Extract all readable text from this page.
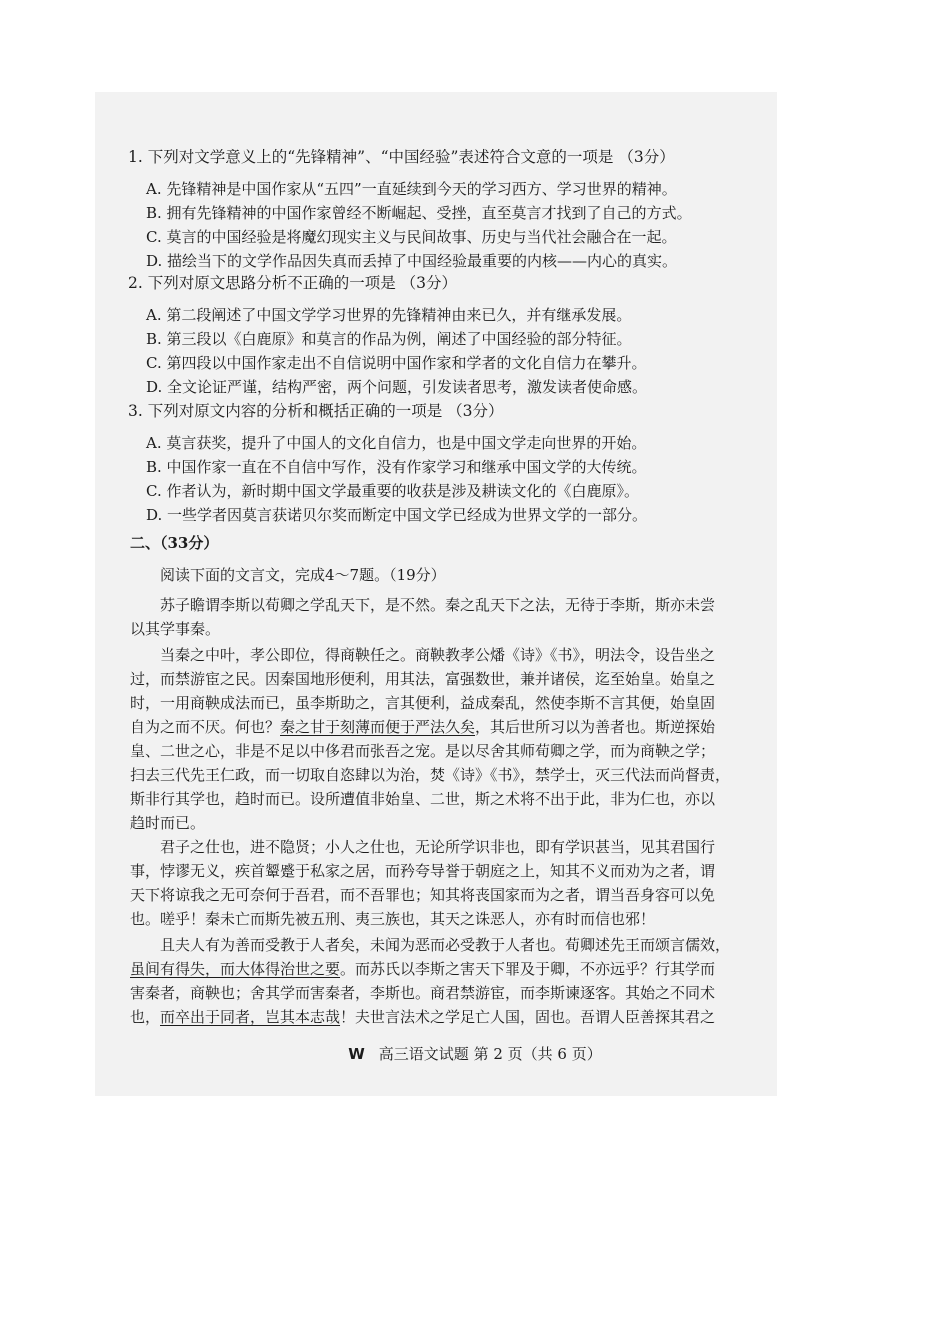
1. 下列对文学意义上的“先锋精神”、“中国经验”表述符合文意的一项是 （3分）
A. 先锋精神是中国作家从“五四”一直延续到今天的学习西方、学习世界的精神。
B. 拥有先锋精神的中国作家曾经不断崛起、受挫，直至莫言才找到了自己的方式。
C. 莫言的中国经验是将魔幻现实主义与民间故事、历史与当代社会融合在一起。
D. 描绘当下的文学作品因失真而丢掉了中国经验最重要的内核——内心的真实。
2. 下列对原文思路分析不正确的一项是 （3分）
A. 第二段阐述了中国文学学习世界的先锋精神由来已久，并有继承发展。
B. 第三段以《白鹿原》和莫言的作品为例，阐述了中国经验的部分特征。
C. 第四段以中国作家走出不自信说明中国作家和学者的文化自信力在攀升。
D. 全文论证严谨，结构严密，两个问题，引发读者思考，激发读者使命感。
3. 下列对原文内容的分析和概括正确的一项是 （3分）
A. 莫言获奖，提升了中国人的文化自信力，也是中国文学走向世界的开始。
B. 中国作家一直在不自信中写作，没有作家学习和继承中国文学的大传统。
C. 作者认为，新时期中国文学最重要的收获是涉及耕读文化的《白鹿原》。
D. 一些学者因莫言获诺贝尔奖而断定中国文学已经成为世界文学的一部分。
二、（33分）
阅读下面的文言文，完成4～7题。（19分）
苏子瞻谓李斯以荀卿之学乱天下，是不然。秦之乱天下之法，无待于李斯，斯亦未尝
以其学事秦。
当秦之中叶，孝公即位，得商鞅任之。商鞅教孝公燔《诗》《书》，明法令，设告坐之
过，而禁游宦之民。因秦国地形便利，用其法，富强数世，兼并诸侯，迄至始皇。始皇之
时，一用商鞅成法而已，虽李斯助之，言其便利，益成秦乱，然使李斯不言其便，始皇固
自为之而不厌。何也？秦之甘于刻薄而便于严法久矣，其后世所习以为善者也。斯逆探始
皇、二世之心，非是不足以中侈君而张吾之宠。是以尽舍其师荀卿之学，而为商鞅之学；
扫去三代先王仁政，而一切取自恣肆以为治，焚《诗》《书》，禁学士，灭三代法而尚督责，
斯非行其学也，趋时而已。设所遭值非始皇、二世，斯之术将不出于此，非为仁也，亦以
趋时而已。
君子之仕也，进不隐贤；小人之仕也，无论所学识非也，即有学识甚当，见其君国行
事，悖谬无义，疾首颦蹙于私家之居，而矜夸导誉于朝庭之上，知其不义而劝为之者，谓
天下将谅我之无可奈何于吾君，而不吾罪也；知其将丧国家而为之者，谓当吾身容可以免
也。嗟乎！秦未亡而斯先被五刑、夷三族也，其天之诛恶人，亦有时而信也邪！
且夫人有为善而受教于人者矣，未闻为恶而必受教于人者也。荀卿述先王而颂言儒效，
虽间有得失，而大体得治世之要。而苏氏以李斯之害天下罪及于卿，不亦远乎？行其学而
害秦者，商鞅也；舍其学而害秦者，李斯也。商君禁游宦，而李斯谏逐客。其始之不同术
也，而卒出于同者，岂其本志哉！夫世言法术之学足亡人国，固也。吾谓人臣善探其君之
W 高三语文试题 第 2 页（共 6 页）
